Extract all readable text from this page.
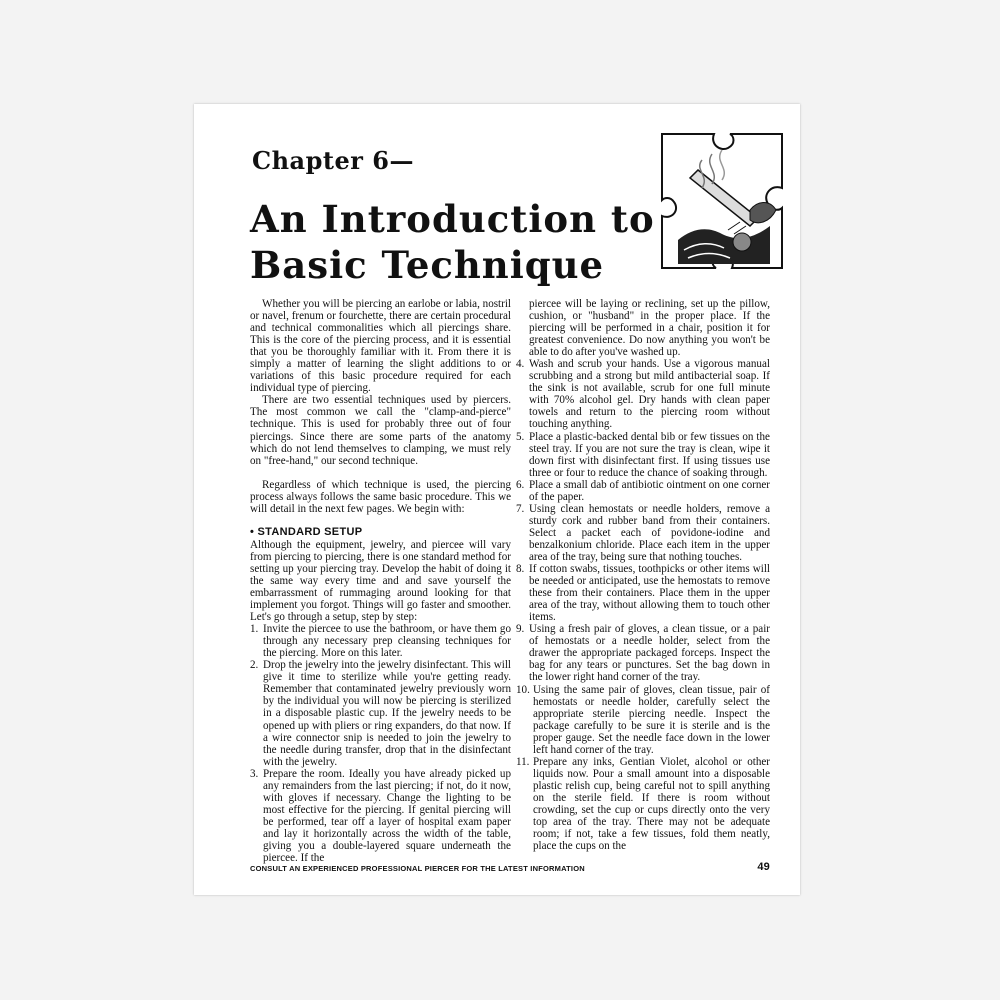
Chapter 6—
An Introduction to
Basic Technique

Whether you will be piercing an earlobe or labia, nostril or navel, frenum or fourchette, there are certain procedural and technical commonalities which all piercings share. This is the core of the piercing process, and it is essential that you be thoroughly familiar with it. From there it is simply a matter of learning the slight additions to or variations of this basic procedure required for each individual type of piercing.

There are two essential techniques used by piercers. The most common we call the "clamp-and-pierce" technique. This is used for probably three out of four piercings. Since there are some parts of the anatomy which do not lend themselves to clamping, we must rely on "free-hand," our second technique.

Regardless of which technique is used, the piercing process always follows the same basic procedure. This we will detail in the next few pages. We begin with:

• STANDARD SETUP

Although the equipment, jewelry, and piercee will vary from piercing to piercing, there is one standard method for setting up your piercing tray. Develop the habit of doing it the same way every time and and save yourself the embarrassment of rummaging around looking for that implement you forgot. Things will go faster and smoother. Let's go through a setup, step by step:

1. Invite the piercee to use the bathroom, or have them go through any necessary prep cleansing techniques for the piercing. More on this later.
2. Drop the jewelry into the jewelry disinfectant. This will give it time to sterilize while you're getting ready. Remember that contaminated jewelry previously worn by the individual you will now be piercing is sterilized in a disposable plastic cup. If the jewelry needs to be opened up with pliers or ring expanders, do that now. If a wire connector snip is needed to join the jewelry to the needle during transfer, drop that in the disinfectant with the jewelry.
3. Prepare the room. Ideally you have already picked up any remainders from the last piercing; if not, do it now, with gloves if necessary. Change the lighting to be most effective for the piercing. If genital piercing will be performed, tear off a layer of hospital exam paper and lay it horizontally across the width of the table, giving you a double-layered square underneath the piercee. If the

piercee will be laying or reclining, set up the pillow, cushion, or "husband" in the proper place. If the piercing will be performed in a chair, position it for greatest convenience. Do now anything you won't be able to do after you've washed up.

4. Wash and scrub your hands. Use a vigorous manual scrubbing and a strong but mild antibacterial soap. If the sink is not available, scrub for one full minute with 70% alcohol gel. Dry hands with clean paper towels and return to the piercing room without touching anything.
5. Place a plastic-backed dental bib or few tissues on the steel tray. If you are not sure the tray is clean, wipe it down first with disinfectant first. If using tissues use three or four to reduce the chance of soaking through.
6. Place a small dab of antibiotic ointment on one corner of the paper.
7. Using clean hemostats or needle holders, remove a sturdy cork and rubber band from their containers. Select a packet each of povidone-iodine and benzalkonium chloride. Place each item in the upper area of the tray, being sure that nothing touches.
8. If cotton swabs, tissues, toothpicks or other items will be needed or anticipated, use the hemostats to remove these from their containers. Place them in the upper area of the tray, without allowing them to touch other items.
9. Using a fresh pair of gloves, a clean tissue, or a pair of hemostats or a needle holder, select from the drawer the appropriate packaged forceps. Inspect the bag for any tears or punctures. Set the bag down in the lower right hand corner of the tray.
10. Using the same pair of gloves, clean tissue, pair of hemostats or needle holder, carefully select the appropriate sterile piercing needle. Inspect the package carefully to be sure it is sterile and is the proper gauge. Set the needle face down in the lower left hand corner of the tray.
11. Prepare any inks, Gentian Violet, alcohol or other liquids now. Pour a small amount into a disposable plastic relish cup, being careful not to spill anything on the sterile field. If there is room without crowding, set the cup or cups directly onto the very top area of the tray. There may not be adequate room; if not, take a few tissues, fold them neatly, place the cups on the
CONSULT AN EXPERIENCED PROFESSIONAL PIERCER FOR THE LATEST INFORMATION	49
